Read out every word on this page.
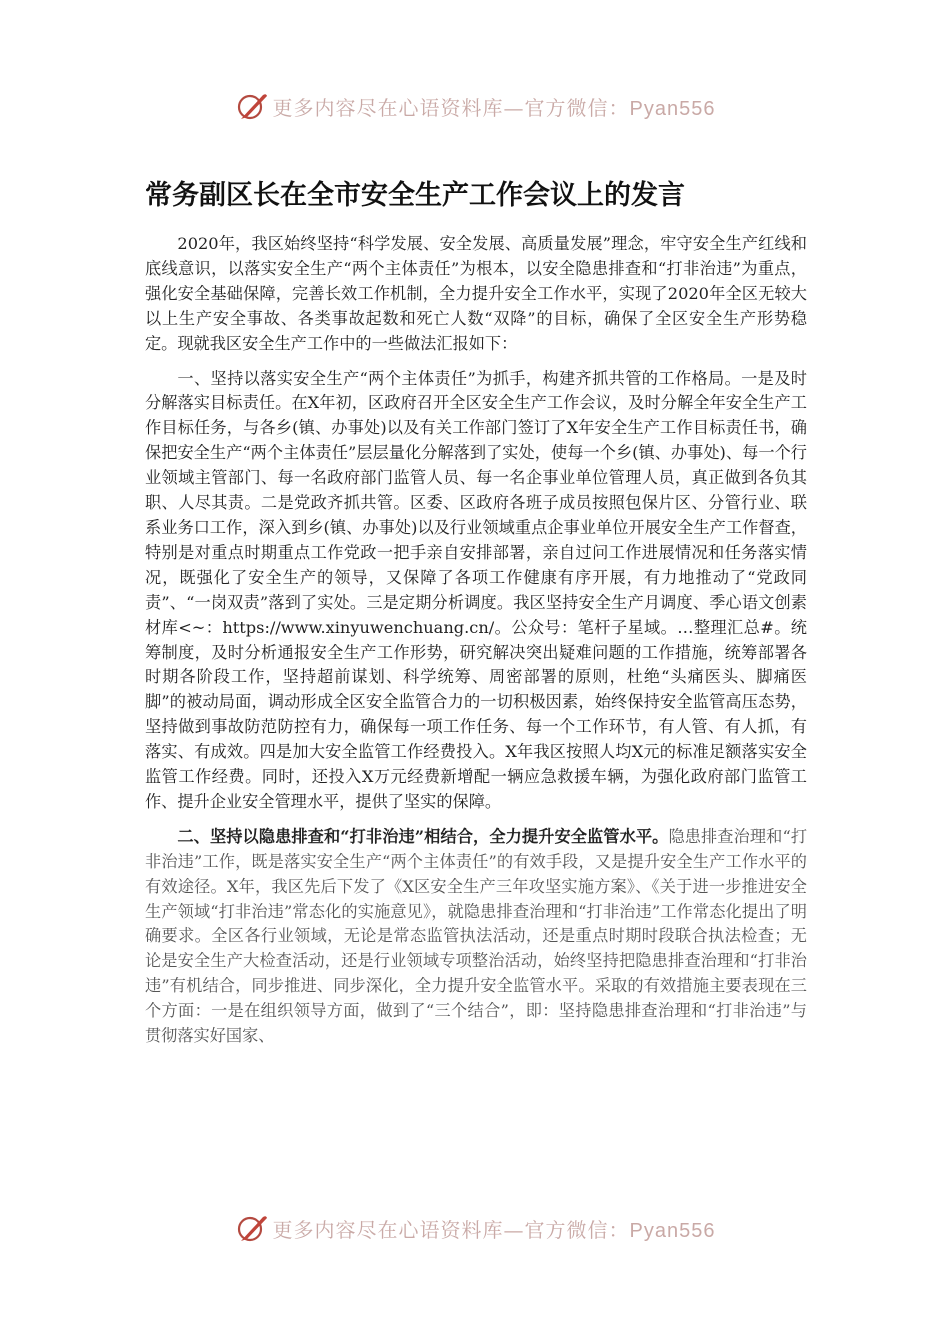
更多内容尽在心语资料库—官方微信：Pyan556
常务副区长在全市安全生产工作会议上的发言

2020年，我区始终坚持“科学发展、安全发展、高质量发展”理念，牢守安全生产红线和底线意识，以落实安全生产“两个主体责任”为根本，以安全隐患排查和“打非治违”为重点，强化安全基础保障，完善长效工作机制，全力提升安全工作水平，实现了2020年全区无较大以上生产安全事故、各类事故起数和死亡人数“双降”的目标，确保了全区安全生产形势稳定。现就我区安全生产工作中的一些做法汇报如下：

一、坚持以落实安全生产“两个主体责任”为抓手，构建齐抓共管的工作格局。一是及时分解落实目标责任。在X年初，区政府召开全区安全生产工作会议，及时分解全年安全生产工作目标任务，与各乡(镇、办事处)以及有关工作部门签订了X年安全生产工作目标责任书，确保把安全生产“两个主体责任”层层量化分解落到了实处，使每一个乡(镇、办事处)、每一个行业领域主管部门、每一名政府部门监管人员、每一名企事业单位管理人员，真正做到各负其职、人尽其责。二是党政齐抓共管。区委、区政府各班子成员按照包保片区、分管行业、联系业务口工作，深入到乡(镇、办事处)以及行业领域重点企事业单位开展安全生产工作督查，特别是对重点时期重点工作党政一把手亲自安排部署，亲自过问工作进展情况和任务落实情况，既强化了安全生产的领导，又保障了各项工作健康有序开展，有力地推动了“党政同责”、“一岗双责”落到了实处。三是定期分析调度。我区坚持安全生产月调度、季心语文创素材库<~：https://www.xinyuwenchuang.cn/。公众号：笔杆子星域。…整理汇总#。统筹制度，及时分析通报安全生产工作形势，研究解决突出疑难问题的工作措施，统筹部署各时期各阶段工作，坚持超前谋划、科学统筹、周密部署的原则，杜绝“头痛医头、脚痛医脚”的被动局面，调动形成全区安全监管合力的一切积极因素，始终保持安全监管高压态势，坚持做到事故防范防控有力，确保每一项工作任务、每一个工作环节，有人管、有人抓，有落实、有成效。四是加大安全监管工作经费投入。X年我区按照人均X元的标准足额落实安全监管工作经费。同时，还投入X万元经费新增配一辆应急救援车辆，为强化政府部门监管工作、提升企业安全管理水平，提供了坚实的保障。

二、坚持以隐患排查和“打非治违”相结合，全力提升安全监管水平。隐患排查治理和“打非治违”工作，既是落实安全生产“两个主体责任”的有效手段，又是提升安全生产工作水平的有效途径。X年，我区先后下发了《X区安全生产三年攻坚实施方案》、《关于进一步推进安全生产领域“打非治违”常态化的实施意见》，就隐患排查治理和“打非治违”工作常态化提出了明确要求。全区各行业领域，无论是常态监管执法活动，还是重点时期时段联合执法检查；无论是安全生产大检查活动，还是行业领域专项整治活动，始终坚持把隐患排查治理和“打非治违”有机结合，同步推进、同步深化，全力提升安全监管水平。采取的有效措施主要表现在三个方面：一是在组织领导方面，做到了“三个结合”，即：坚持隐患排查治理和“打非治违”与贯彻落实好国家、

更多内容尽在心语资料库—官方微信：Pyan556
